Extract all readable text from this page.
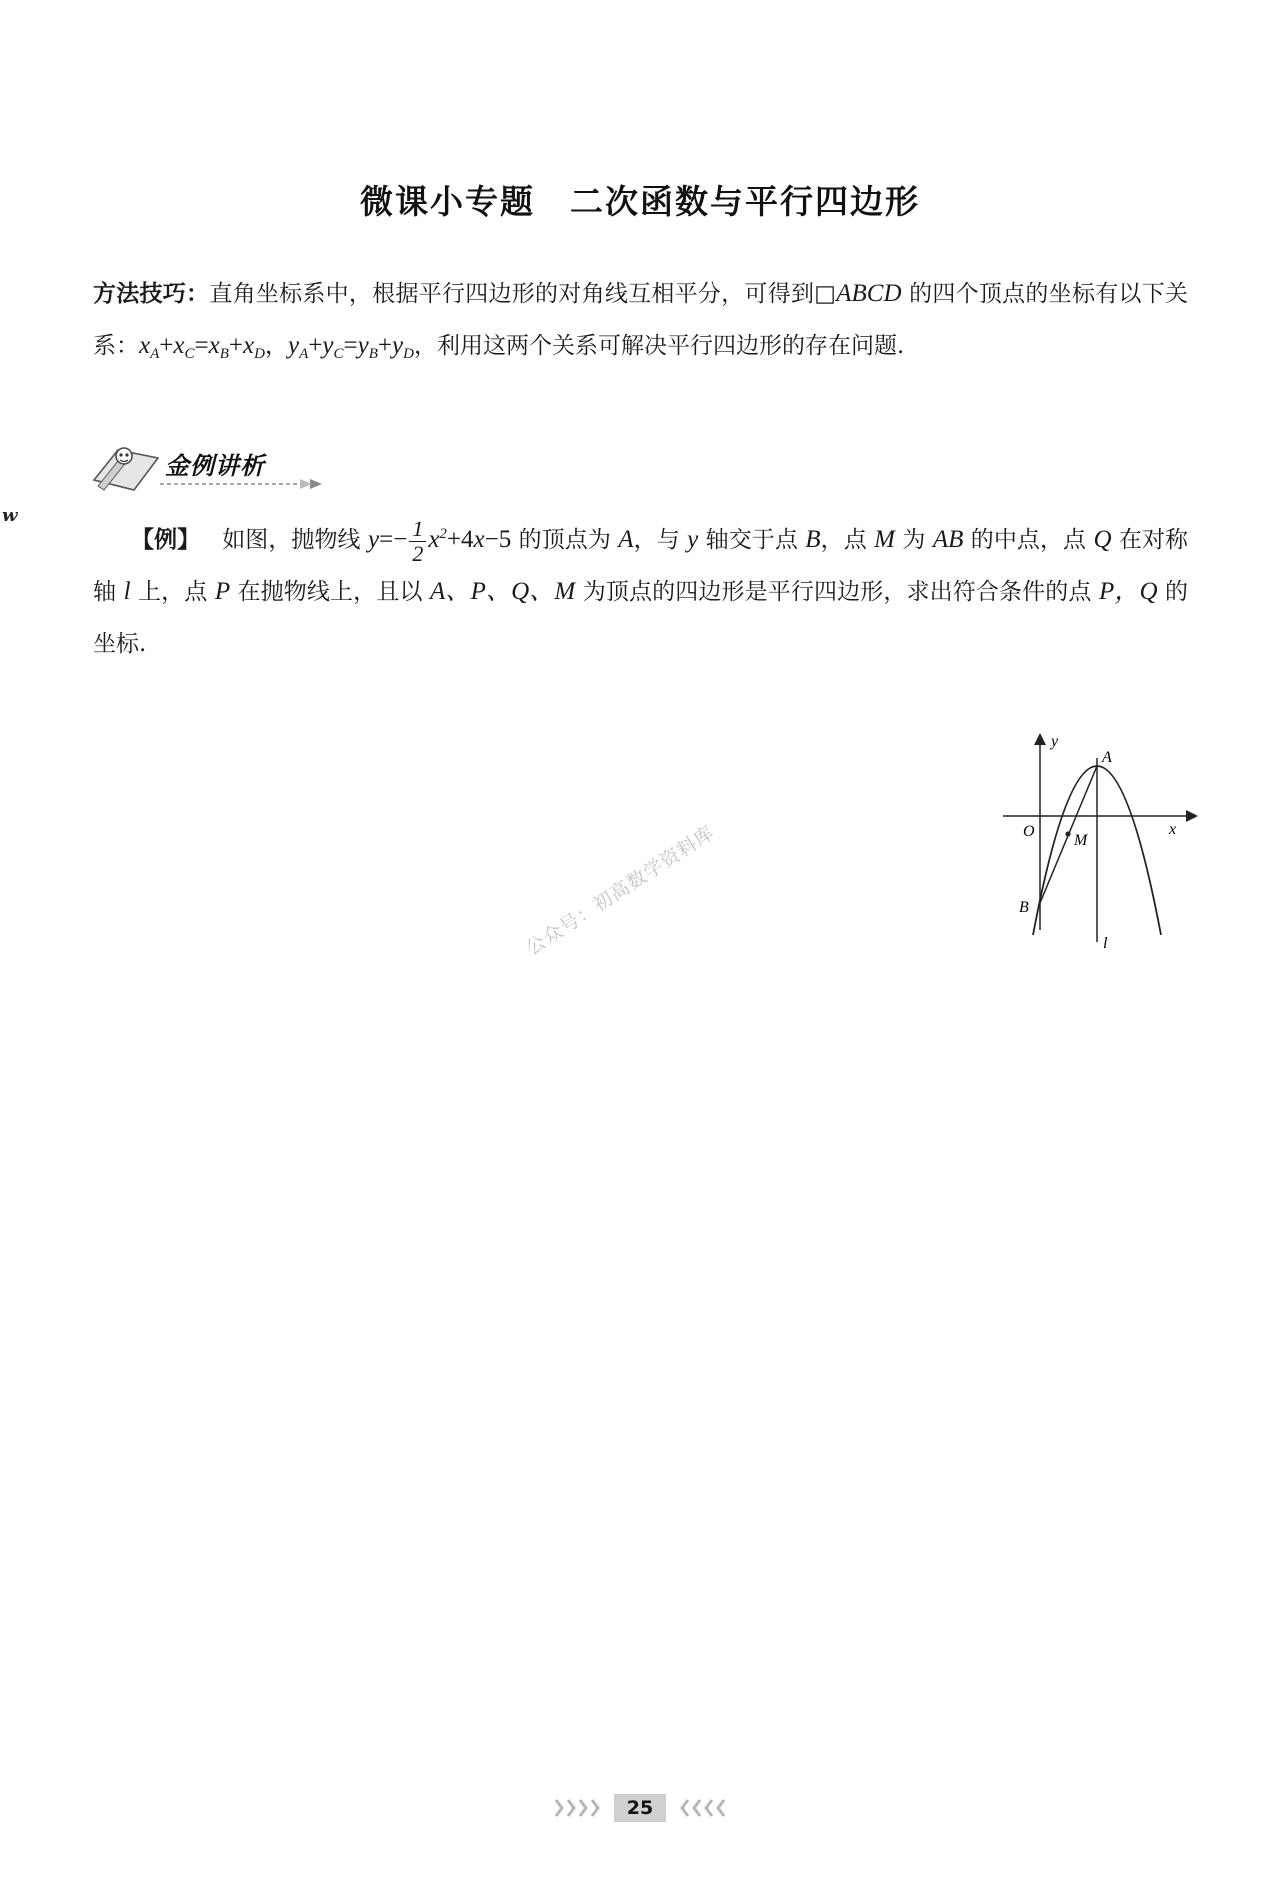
微课小专题　二次函数与平行四边形
方法技巧：直角坐标系中，根据平行四边形的对角线互相平分，可得到□ABCD 的四个顶点的坐标有以下关系：$x_A+x_C=x_B+x_D$，$y_A+y_C=y_B+y_D$，利用这两个关系可解决平行四边形的存在问题.
金例讲析
【例】 如图，抛物线 $y=- \frac{1}{2} x^2+4x-5$ 的顶点为 A，与 y 轴交于点 B，点 M 为 AB 的中点，点 Q 在对称轴 l 上，点 P 在抛物线上，且以 A、P、Q、M 为顶点的四边形是平行四边形，求出符合条件的点 P，Q 的坐标.
y
A
O
M
x
B
l
公众号：初高数学资料库
25
w
